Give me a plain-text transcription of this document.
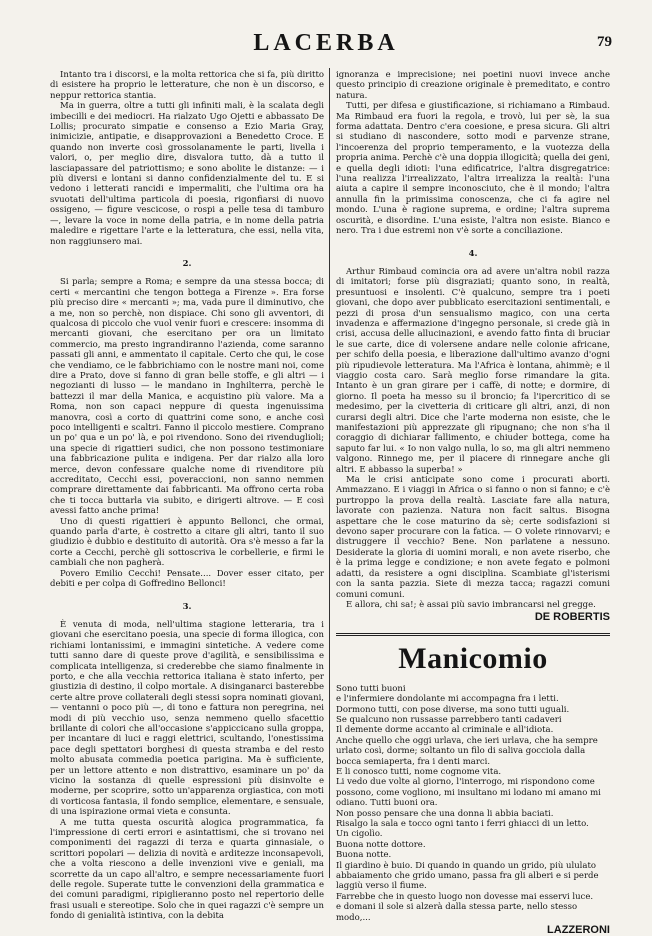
LACERBA	79

Intanto tra i discorsi, e la molta rettorica che si fa, più diritto di esistere ha proprio le letterature, che non è un discorso, e neppur rettorica stantia.

Ma in guerra, oltre a tutti gli infiniti mali, è la scalata degli imbecilli e dei mediocri. Ha rialzato Ugo Ojetti e abbassato De Lollis; procurato simpatie e consenso a Ezio Maria Gray, inimicizie, antipatie, e disapprovazioni a Benedetto Croce. E quando non inverte così grossolanamente le parti, livella i valori, o, per meglio dire, disvalora tutto, dà a tutto il lasciapassare del patriottismo; e sono abolite le distanze: — i più diversi e lontani si danno confidenzialmente del tu. E si vedono i letterati rancidi e impermaliti, che l'ultima ora ha svuotati dell'ultima particola di poesia, rigonfiarsi di nuovo ossigeno, — figure vescicose, o rospi a pelle tesa di tamburo —, levare la voce in nome della patria, e in nome della patria maledire e rigettare l'arte e la letteratura, che essi, nella vita, non raggiunsero mai.

2.

Si parla; sempre a Roma; e sempre da una stessa bocca; di certi « mercantini che tengon bottega a Firenze ». Era forse più preciso dire « mercanti »; ma, vada pure il diminutivo, che a me, non so perchè, non dispiace. Chi sono gli avventori, di qualcosa di piccolo che vuol venir fuori e crescere: insomma di mercanti giovani, che esercitano per ora un limitato commercio, ma presto ingrandiranno l'azienda, come saranno passati gli anni, e ammentato il capitale. Certo che qui, le cose che vendiamo, ce le fabbrichiamo con le nostre mani noi, come dire a Prato, dove si fanno di gran belle stoffe, e gli altri — i negozianti di lusso — le mandano in Inghilterra, perchè le battezzi il mar della Manica, e acquistino più valore. Ma a Roma, non son capaci neppure di questa ingenuissima manovra, così a corto di quattrini come sono, e anche così poco intelligenti e scaltri. Fanno il piccolo mestiere. Comprano un po' qua e un po' là, e poi rivendono. Sono dei rivenduglioli; una specie di rigattieri sudici, che non possono testimoniare una fabbricazione pulita e indigena. Per dar rialzo alla loro merce, devon confessare qualche nome di rivenditore più accreditato, Cecchi essi, poveraccioni, non sanno nemmen comprare direttamente dai fabbricanti. Ma offrono certa roba che ti tocca buttarla via subito, e dirigerti altrove. — E così avessi fatto anche prima!

Uno di questi rigattieri è appunto Bellonci, che ormai, quando parla d'arte, è costretto a citare gli altri, tanto il suo giudizio è dubbio e destituito di autorità. Ora s'è messo a far la corte a Cecchi, perchè gli sottoscriva le corbellerie, e firmi le cambiali che non pagherà.

Povero Emilio Cecchi! Pensate.... Dover esser citato, per debiti e per colpa di Goffredino Bellonci!

3.

È venuta di moda, nell'ultima stagione letteraria, tra i giovani che esercitano poesia, una specie di forma illogica, con richiami lontanissimi, e immagini sintetiche. A vedere come tutti sanno dare di queste prove d'agilità, e sensibilissima e complicata intelligenza, si crederebbe che siamo finalmente in porto, e che alla vecchia rettorica italiana è stato inferto, per giustizia di destino, il colpo mortale. A disinganarci basterebbe certe altre prove collaterali degli stessi sopra nominati giovani, — ventanni o poco più —, di tono e fattura non peregrina, nei modi di più vecchio uso, senza nemmeno quello sfacettio brillante di colori che all'occasione s'appiccicano sulla groppa, per incantare di luci e raggi elettrici, scultando, l'onestissima pace degli spettatori borghesi di questa stramba e del resto molto abusata commedia poetica parigina. Ma è sufficiente, per un lettore attento e non distrattivo, esaminare un po' da vicino la sostanza di quelle espressioni più disinvolte e moderne, per scoprire, sotto un'apparenza orgiastica, con moti di vorticosa fantasia, il fondo semplice, elementare, e sensuale, di una ispirazione ormai vieta e consunta.

A me tutta questa oscurità alogica programmatica, fa l'impressione di certi errori e asintattismi, che si trovano nei componimenti dei ragazzi di terza e quarta ginnasiale, o scrittori popolari — delizia di novità e arditezze inconsapevoli, che a volta riescono a delle invenzioni vive e geniali, ma scorrette da un capo all'altro, e sempre necessariamente fuori delle regole. Superate tutte le convenzioni della grammatica e dei comuni paradigmi, ripiglieranno posto nel repertorio delle frasi usuali e stereotipe. Solo che in quei ragazzi c'è sempre un fondo di genialità istintiva, con la debita

ignoranza e imprecisione; nei poetini nuovi invece anche questo principio di creazione originale è premeditato, e contro natura.

Tutti, per difesa e giustificazione, si richiamano a Rimbaud. Ma Rimbaud era fuori la regola, e trovò, lui per sè, la sua forma adattata. Dentro c'era coesione, e presa sicura. Gli altri si studiano di nascondere, sotto modi e parvenze strane, l'incoerenza del proprio temperamento, e la vuotezza della propria anima. Perchè c'è una doppia illogicità; quella dei geni, e quella degli idioti: l'una edificatrice, l'altra disgregatrice: l'una realizza l'irrealizzato, l'altra irrealizza la realtà: l'una aiuta a capire il sempre inconosciuto, che è il mondo; l'altra annulla fin la primissima conoscenza, che ci fa agire nel mondo. L'una è ragione suprema, e ordine; l'altra suprema oscurità, e disordine. L'una esiste, l'altra non esiste. Bianco e nero. Tra i due estremi non v'è sorte a conciliazione.

4.

Arthur Rimbaud comincia ora ad avere un'altra nobil razza di imitatori; forse più disgraziati; quanto sono, in realtà, presuntuosi e insolenti. C'è qualcuno, sempre tra i poeti giovani, che dopo aver pubblicato esercitazioni sentimentali, e pezzi di prosa d'un sensualismo magico, con una certa invadenza e affermazione d'ingegno personale, si crede già in crisi, accusa delle allucinazioni, e avendo fatto finta di bruciar le sue carte, dice di volersene andare nelle colonie africane, per schifo della poesia, e liberazione dall'ultimo avanzo d'ogni più ripudievole letteratura. Ma l'Africa è lontana, ahimmè; e il viaggio costa caro. Sarà meglio forse rimandare la gita. Intanto è un gran girare per i caffè, di notte; e dormire, di giorno. Il poeta ha messo su il broncio; fa l'ipercritico di se medesimo, per la civetteria di criticare gli altri, anzi, di non curarsi degli altri. Dice che l'arte moderna non esiste, che le manifestazioni più apprezzate gli ripugnano; che non s'ha il coraggio di dichiarar fallimento, e chiuder bottega, come ha saputo far lui. « Io non valgo nulla, lo so, ma gli altri nemmeno valgono. Rinnego me, per il piacere di rinnegare anche gli altri. E abbasso la superba! »

Ma le crisi anticipate sono come i procurati aborti. Ammazzano. E i viaggi in Africa o si fanno o non si fanno; e c'è purtroppo la prova della realtà. Lasciate fare alla natura, lavorate con pazienza. Natura non facit saltus. Bisogna aspettare che le cose maturino da sè; certe sodisfazioni si devono saper procurare con la fatica. — O volete rinnovarvi; e distruggere il vecchio? Bene. Non parlatene a nessuno. Desiderate la gloria di uomini morali, e non avete riserbo, che è la prima legge e condizione; e non avete fegato e polmoni adatti, da resistere a ogni disciplina. Scambiate gl'isterismi con la santa pazzia. Siete di mezza tacca; ragazzi comuni comuni comuni.

E allora, chi sa!; è assai più savio imbrancarsi nel gregge.

DE ROBERTIS
Manicomio
Sono tutti buoni
e l'infermiere dondolante mi accompagna fra i letti.
Dormono tutti, con pose diverse, ma sono tutti uguali.
Se qualcuno non russasse parrebbero tanti cadaveri
Il demente dorme accanto al criminale e all'idiota.
Anche quello che oggi urlava, che ieri urlava, che ha sempre urlato così, dorme; soltanto un filo di saliva gocciola dalla bocca semiaperta, fra i denti marci.
E li conosco tutti, nome cognome vita.
Li vedo due volte al giorno, l'interrogo, mi rispondono come possono, come vogliono, mi insultano mi lodano mi amano mi odiano. Tutti buoni ora.
Non posso pensare che una donna li abbia baciati.
Risalgo la sala e tocco ogni tanto i ferri ghiacci di un letto.
Un cigolìo.
Buona notte dottore.
Buona notte.
Il giardino è buio. Di quando in quando un grido, più ululato abbaiamento che grido umano, passa fra gli alberi e si perde laggiù verso il fiume.
Farrebbe che in questo luogo non dovesse mai esservi luce.
e domani il sole si alzerà dalla stessa parte, nello stesso modo,...
LAZZERONI
